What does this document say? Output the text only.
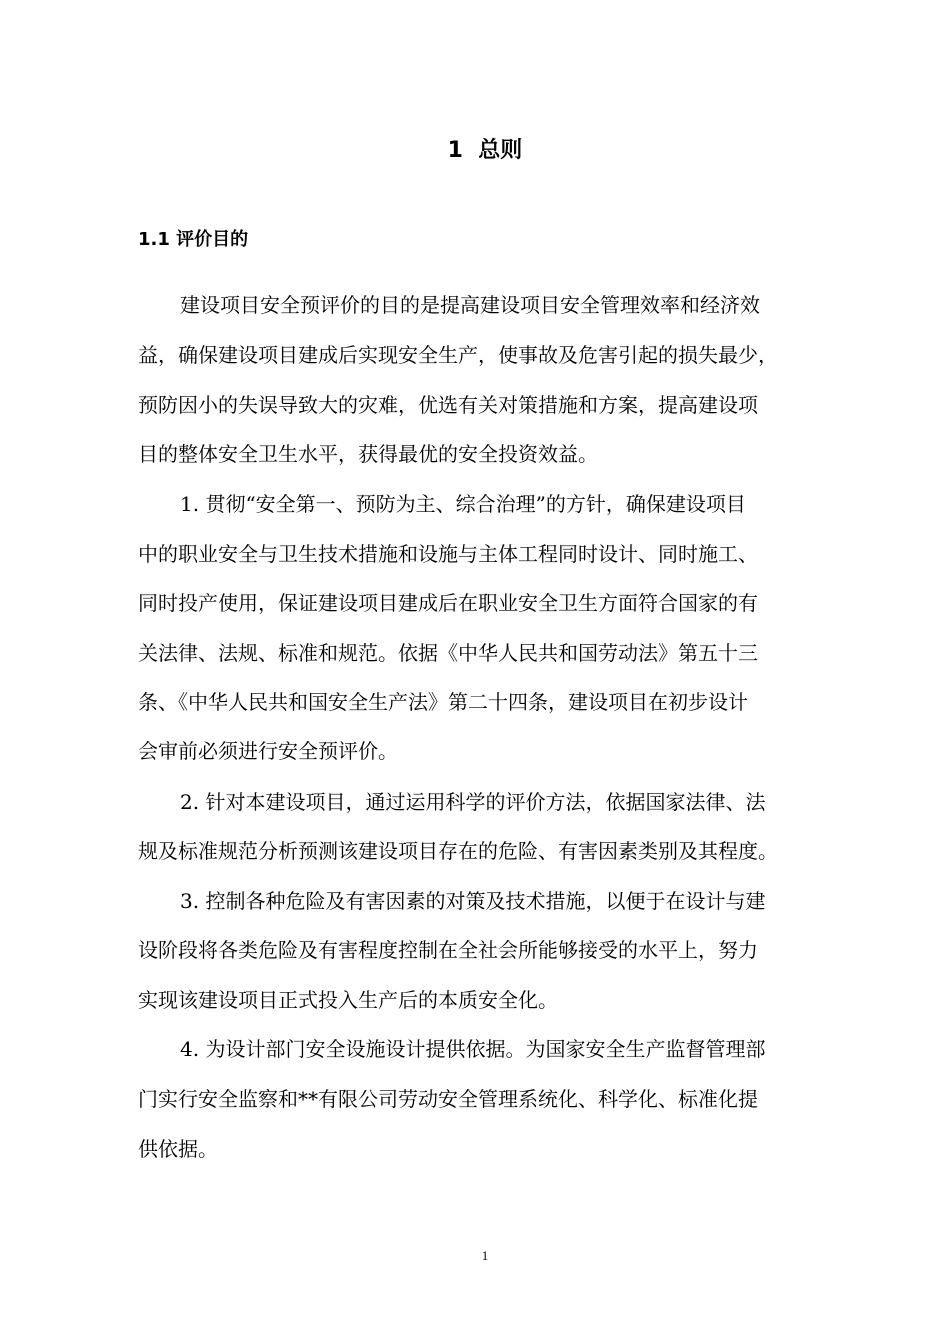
1  总则
1.1 评价目的
建设项目安全预评价的目的是提高建设项目安全管理效率和经济效
益，确保建设项目建成后实现安全生产，使事故及危害引起的损失最少，
预防因小的失误导致大的灾难，优选有关对策措施和方案，提高建设项
目的整体安全卫生水平，获得最优的安全投资效益。
1. 贯彻“安全第一、预防为主、综合治理”的方针，确保建设项目
中的职业安全与卫生技术措施和设施与主体工程同时设计、同时施工、
同时投产使用，保证建设项目建成后在职业安全卫生方面符合国家的有
关法律、法规、标准和规范。依据《中华人民共和国劳动法》第五十三
条、《中华人民共和国安全生产法》第二十四条，建设项目在初步设计
会审前必须进行安全预评价。
2. 针对本建设项目，通过运用科学的评价方法，依据国家法律、法
规及标准规范分析预测该建设项目存在的危险、有害因素类别及其程度。
3. 控制各种危险及有害因素的对策及技术措施，以便于在设计与建
设阶段将各类危险及有害程度控制在全社会所能够接受的水平上，努力
实现该建设项目正式投入生产后的本质安全化。
4. 为设计部门安全设施设计提供依据。为国家安全生产监督管理部
门实行安全监察和**有限公司劳动安全管理系统化、科学化、标准化提
供依据。
1
